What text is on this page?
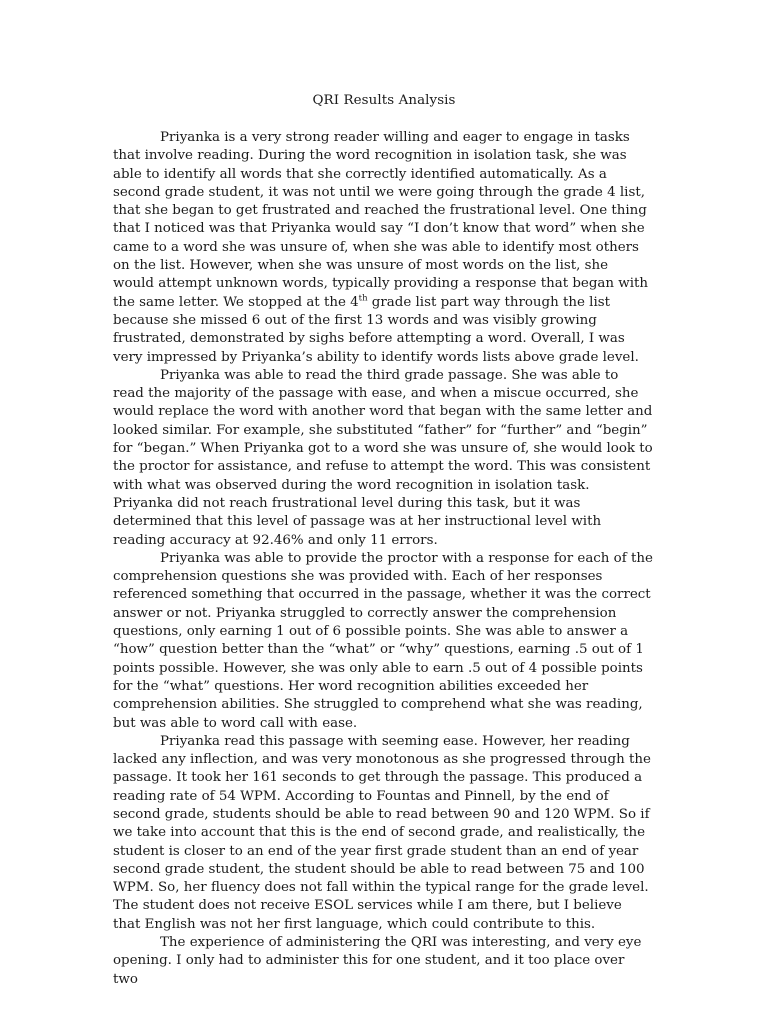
QRI Results Analysis

Priyanka is a very strong reader willing and eager to engage in tasks that involve reading. During the word recognition in isolation task, she was able to identify all words that she correctly identified automatically. As a second grade student, it was not until we were going through the grade 4 list, that she began to get frustrated and reached the frustrational level. One thing that I noticed was that Priyanka would say “I don’t know that word” when she came to a word she was unsure of, when she was able to identify most others on the list. However, when she was unsure of most words on the list, she would attempt unknown words, typically providing a response that began with the same letter. We stopped at the 4th grade list part way through the list because she missed 6 out of the first 13 words and was visibly growing frustrated, demonstrated by sighs before attempting a word. Overall, I was very impressed by Priyanka’s ability to identify words lists above grade level.

Priyanka was able to read the third grade passage. She was able to read the majority of the passage with ease, and when a miscue occurred, she would replace the word with another word that began with the same letter and looked similar. For example, she substituted “father” for “further” and “begin” for “began.” When Priyanka got to a word she was unsure of, she would look to the proctor for assistance, and refuse to attempt the word. This was consistent with what was observed during the word recognition in isolation task. Priyanka did not reach frustrational level during this task, but it was determined that this level of passage was at her instructional level with reading accuracy at 92.46% and only 11 errors.

Priyanka was able to provide the proctor with a response for each of the comprehension questions she was provided with. Each of her responses referenced something that occurred in the passage, whether it was the correct answer or not. Priyanka struggled to correctly answer the comprehension questions, only earning 1 out of 6 possible points. She was able to answer a “how” question better than the “what” or “why” questions, earning .5 out of 1 points possible. However, she was only able to earn .5 out of 4 possible points for the “what” questions. Her word recognition abilities exceeded her comprehension abilities. She struggled to comprehend what she was reading, but was able to word call with ease.

Priyanka read this passage with seeming ease. However, her reading lacked any inflection, and was very monotonous as she progressed through the passage. It took her 161 seconds to get through the passage. This produced a reading rate of 54 WPM. According to Fountas and Pinnell, by the end of second grade, students should be able to read between 90 and 120 WPM. So if we take into account that this is the end of second grade, and realistically, the student is closer to an end of the year first grade student than an end of year second grade student, the student should be able to read between 75 and 100 WPM. So, her fluency does not fall within the typical range for the grade level. The student does not receive ESOL services while I am there, but I believe that English was not her first language, which could contribute to this.

The experience of administering the QRI was interesting, and very eye opening. I only had to administer this for one student, and it too place over two
